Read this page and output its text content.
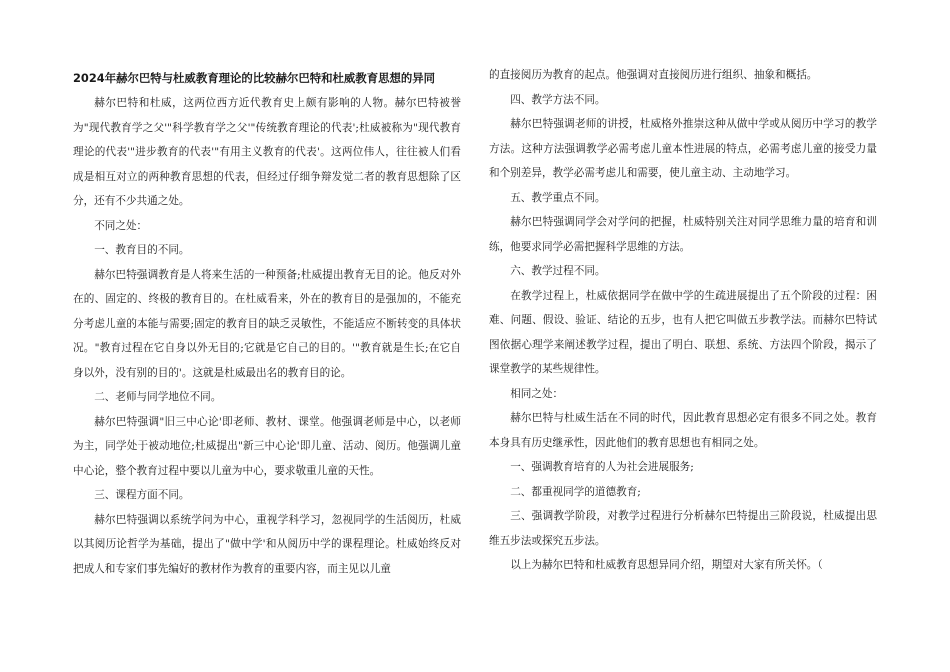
2024年赫尔巴特与杜威教育理论的比较赫尔巴特和杜威教育思想的异同

赫尔巴特和杜威，这两位西方近代教育史上颇有影响的人物。赫尔巴特被誉为"现代教育学之父'"科学教育学之父'"传统教育理论的代表';杜威被称为"现代教育理论的代表'"进步教育的代表'"有用主义教育的代表'。这两位伟人，往往被人们看成是相互对立的两种教育思想的代表，但经过仔细争辩发觉二者的教育思想除了区分，还有不少共通之处。

不同之处：

一、教育目的不同。

赫尔巴特强调教育是人将来生活的一种预备;杜威提出教育无目的论。他反对外在的、固定的、终极的教育目的。在杜威看来，外在的教育目的是强加的，不能充分考虑儿童的本能与需要;固定的教育目的缺乏灵敏性，不能适应不断转变的具体状况。"教育过程在它自身以外无目的;它就是它自己的目的。'"教育就是生长;在它自身以外，没有别的目的'。这就是杜威最出名的教育目的论。

二、老师与同学地位不同。

赫尔巴特强调"旧三中心论'即老师、教材、课堂。他强调老师是中心，以老师为主，同学处于被动地位;杜威提出"新三中心论'即儿童、活动、阅历。他强调儿童中心论，整个教育过程中要以儿童为中心，要求敬重儿童的天性。

三、课程方面不同。

赫尔巴特强调以系统学问为中心，重视学科学习，忽视同学的生活阅历，杜威以其阅历论哲学为基础，提出了"做中学'和从阅历中学的课程理论。杜威始终反对把成人和专家们事先编好的教材作为教育的重要内容，而主见以儿童

的直接阅历为教育的起点。他强调对直接阅历进行组织、抽象和概括。

四、教学方法不同。

赫尔巴特强调老师的讲授，杜威格外推崇这种从做中学或从阅历中学习的教学方法。这种方法强调教学必需考虑儿童本性进展的特点，必需考虑儿童的接受力量和个别差异，教学必需考虑儿和需要，使儿童主动、主动地学习。

五、教学重点不同。

赫尔巴特强调同学会对学问的把握，杜威特别关注对同学思维力量的培育和训练，他要求同学必需把握科学思维的方法。

六、教学过程不同。

在教学过程上，杜威依据同学在做中学的生疏进展提出了五个阶段的过程：困难、问题、假设、验证、结论的五步，也有人把它叫做五步教学法。而赫尔巴特试图依据心理学来阐述教学过程，提出了明白、联想、系统、方法四个阶段，揭示了课堂教学的某些规律性。

相同之处：

赫尔巴特与杜威生活在不同的时代，因此教育思想必定有很多不同之处。教育本身具有历史继承性，因此他们的教育思想也有相同之处。

一、强调教育培育的人为社会进展服务;

二、都重视同学的道德教育;

三、强调教学阶段，对教学过程进行分析赫尔巴特提出三阶段说，杜威提出思维五步法或探究五步法。

以上为赫尔巴特和杜威教育思想异同介绍，期望对大家有所关怀。（
